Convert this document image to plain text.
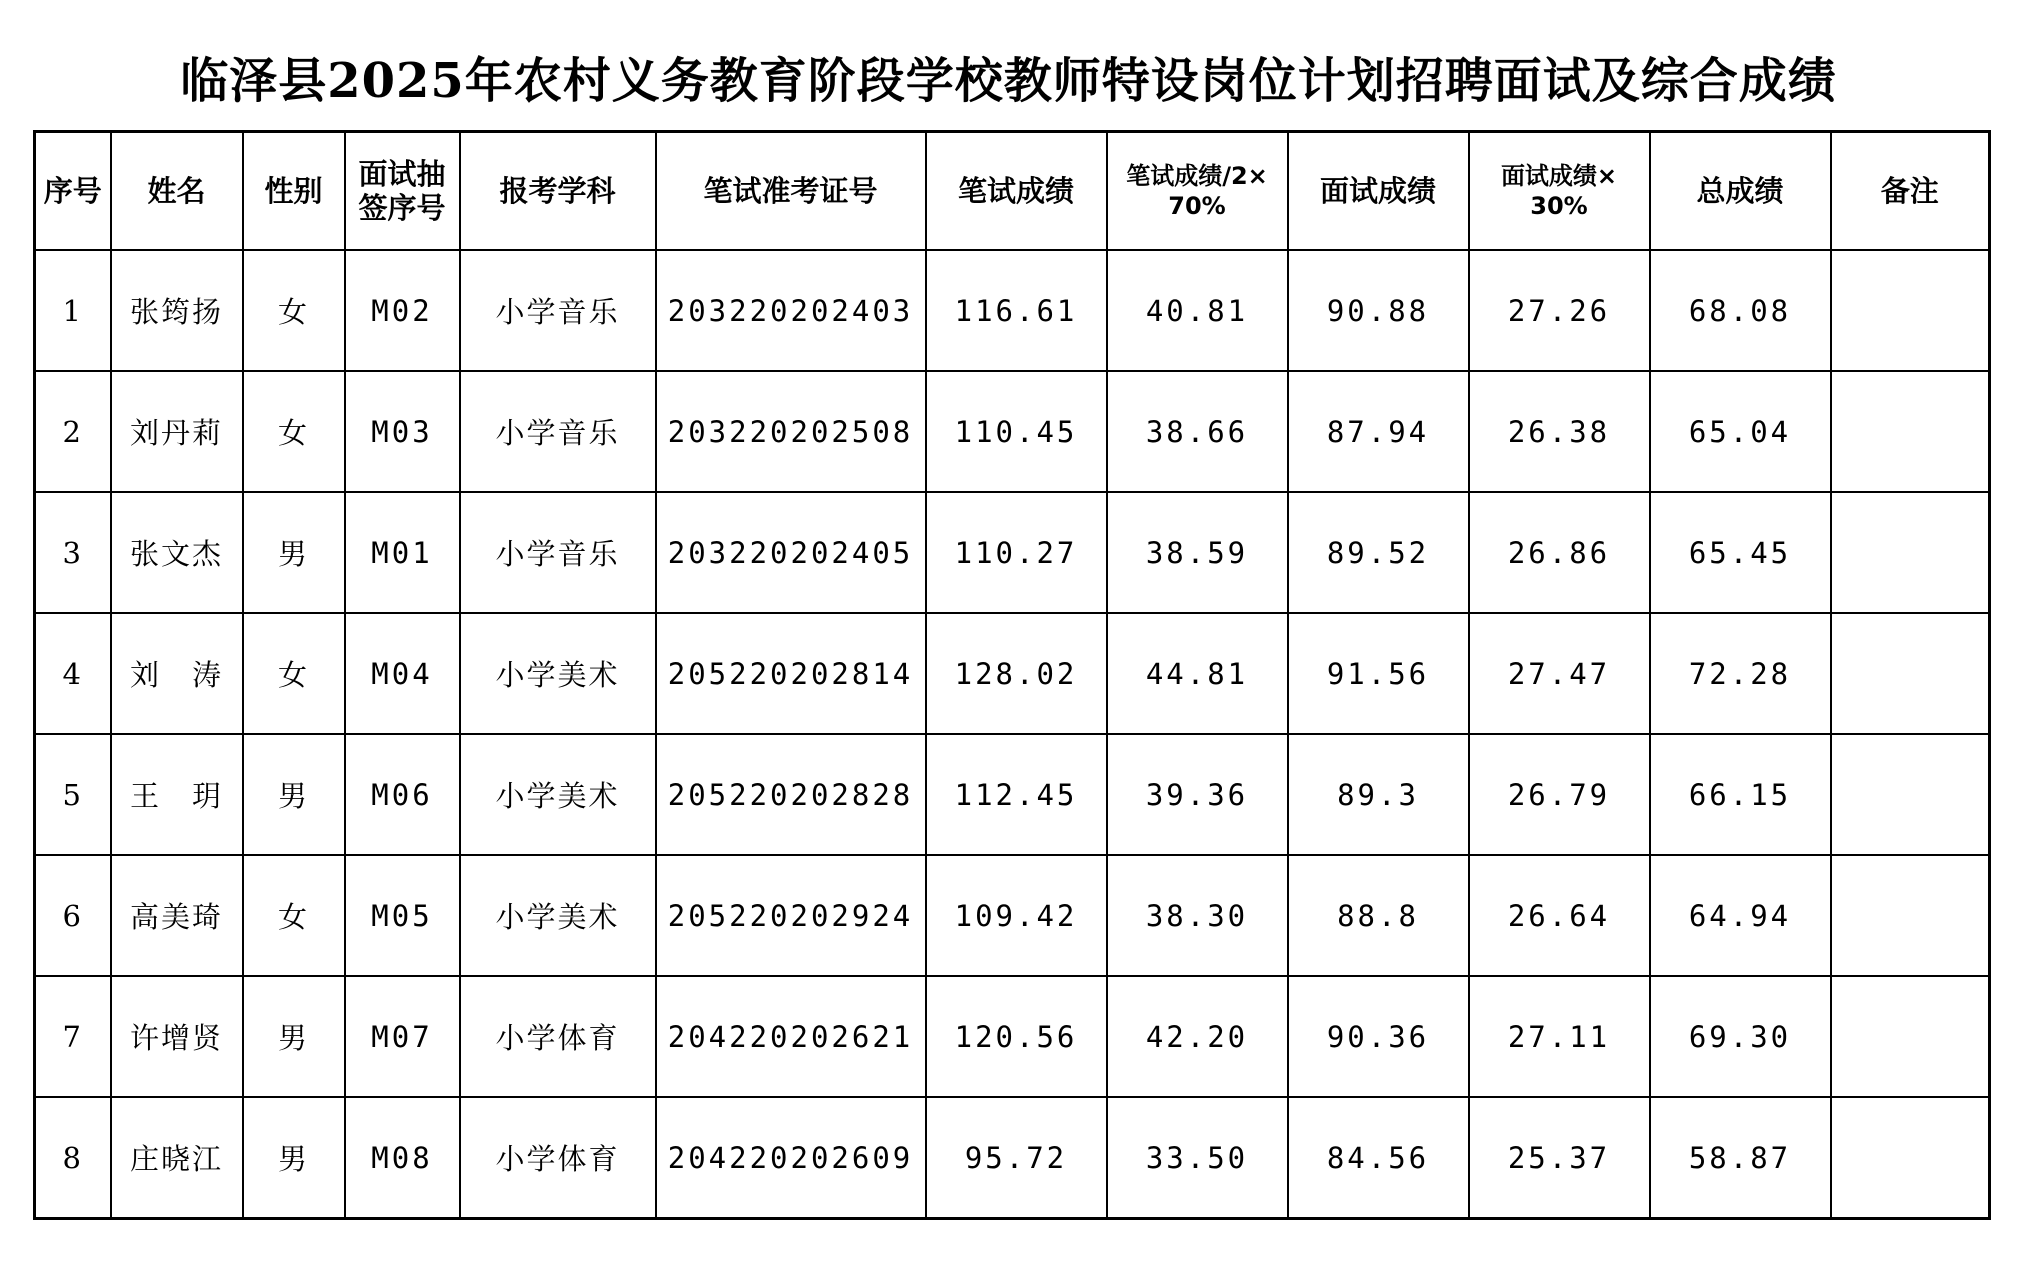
临泽县2025年农村义务教育阶段学校教师特设岗位计划招聘面试及综合成绩
序号	姓名	性别	面试抽
签序号	报考学科	笔试准考证号	笔试成绩	笔试成绩/2×
70%	面试成绩	面试成绩×
30%	总成绩	备注
1	张筠扬	女	M02	小学音乐	203220202403	116.61	40.81	90.88	27.26	68.08	
2	刘丹莉	女	M03	小学音乐	203220202508	110.45	38.66	87.94	26.38	65.04	
3	张文杰	男	M01	小学音乐	203220202405	110.27	38.59	89.52	26.86	65.45	
4	刘　涛	女	M04	小学美术	205220202814	128.02	44.81	91.56	27.47	72.28	
5	王　玥	男	M06	小学美术	205220202828	112.45	39.36	89.3	26.79	66.15	
6	高美琦	女	M05	小学美术	205220202924	109.42	38.30	88.8	26.64	64.94	
7	许增贤	男	M07	小学体育	204220202621	120.56	42.20	90.36	27.11	69.30	
8	庄晓江	男	M08	小学体育	204220202609	95.72	33.50	84.56	25.37	58.87	
